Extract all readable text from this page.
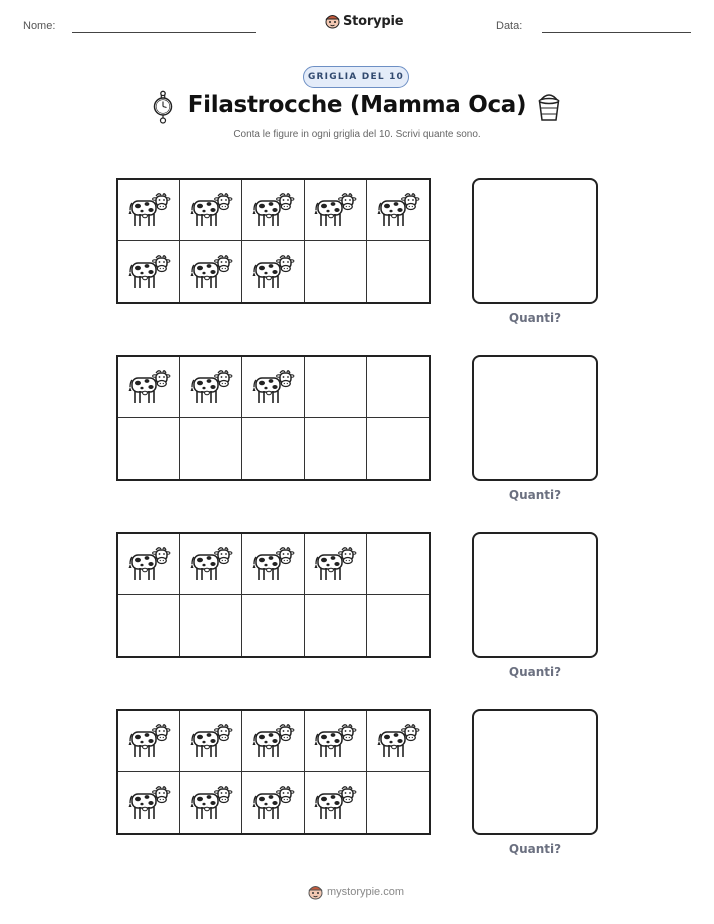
Nome:	Storypie	Data:
GRIGLIA DEL 10
Filastrocche (Mamma Oca)
Conta le figure in ogni griglia del 10. Scrivi quante sono.
Quanti?
Quanti?
Quanti?
Quanti?
mystorypie.com
